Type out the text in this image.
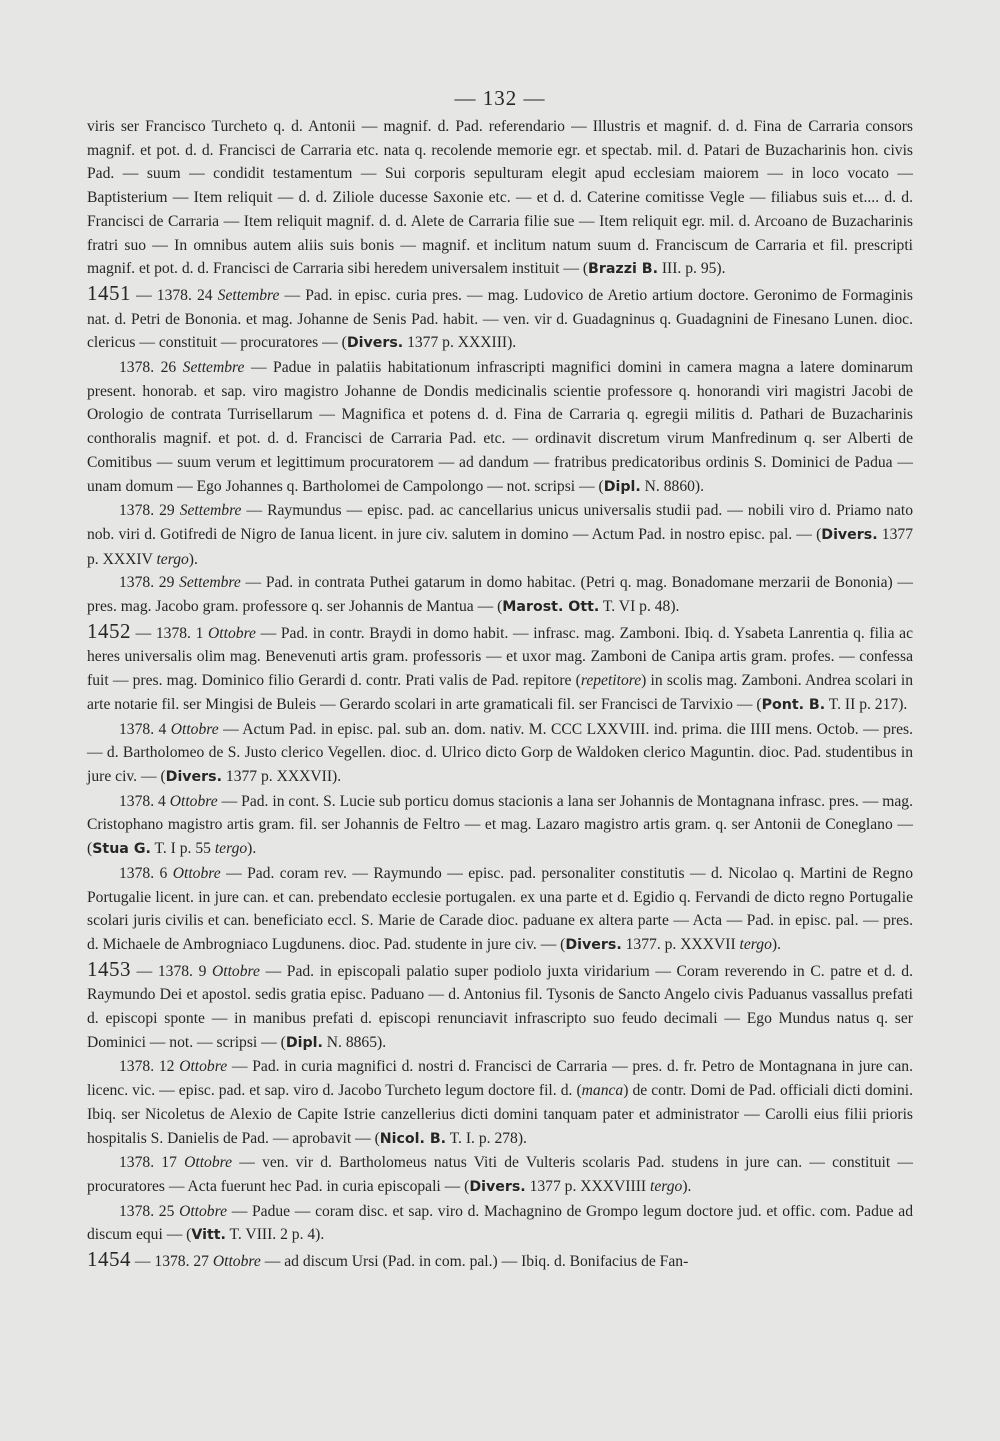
— 132 —

viris ser Francisco Turcheto q. d. Antonii — magnif. d. Pad. referendario — Illustris et magnif. d. d. Fina de Carraria consors magnif. et pot. d. d. Francisci de Carraria etc. nata q. recolende memorie egr. et spectab. mil. d. Patari de Buzacharinis hon. civis Pad. — suum — condidit testamentum — Sui corporis sepulturam elegit apud ecclesiam maiorem — in loco vocato — Baptisterium — Item reliquit — d. d. Ziliole ducesse Saxonie etc. — et d. d. Caterine comitisse Vegle — filiabus suis et.... d. d. Francisci de Carraria — Item reliquit magnif. d. d. Alete de Carraria filie sue — Item reliquit egr. mil. d. Arcoano de Buzacharinis fratri suo — In omnibus autem aliis suis bonis — magnif. et inclitum natum suum d. Franciscum de Carraria et fil. prescripti magnif. et pot. d. d. Francisci de Carraria sibi heredem universalem instituit — (Brazzi B. III. p. 95).

1451 — 1378. 24 Settembre — Pad. in episc. curia pres. — mag. Ludovico de Aretio artium doctore. Geronimo de Formaginis nat. d. Petri de Bononia. et mag. Johanne de Senis Pad. habit. — ven. vir d. Guadagninus q. Guadagnini de Finesano Lunen. dioc. clericus — constituit — procuratores — (Divers. 1377 p. XXXIII).

1378. 26 Settembre — Padue in palatiis habitationum infrascripti magnifici domini in camera magna a latere dominarum present. honorab. et sap. viro magistro Johanne de Dondis medicinalis scientie professore q. honorandi viri magistri Jacobi de Orologio de contrata Turrisellarum — Magnifica et potens d. d. Fina de Carraria q. egregii militis d. Pathari de Buzacharinis conthoralis magnif. et pot. d. d. Francisci de Carraria Pad. etc. — ordinavit discretum virum Manfredinum q. ser Alberti de Comitibus — suum verum et legittimum procuratorem — ad dandum — fratribus predicatoribus ordinis S. Dominici de Padua — unam domum — Ego Johannes q. Bartholomei de Campolongo — not. scripsi — (Dipl. N. 8860).

1378. 29 Settembre — Raymundus — episc. pad. ac cancellarius unicus universalis studii pad. — nobili viro d. Priamo nato nob. viri d. Gotifredi de Nigro de Ianua licent. in jure civ. salutem in domino — Actum Pad. in nostro episc. pal. — (Divers. 1377 p. XXXIV tergo).

1378. 29 Settembre — Pad. in contrata Puthei gatarum in domo habitac. (Petri q. mag. Bonadomane merzarii de Bononia) — pres. mag. Jacobo gram. professore q. ser Johannis de Mantua — (Marost. Ott. T. VI p. 48).

1452 — 1378. 1 Ottobre — Pad. in contr. Braydi in domo habit. — infrasc. mag. Zamboni. Ibiq. d. Ysabeta Lanrentia q. filia ac heres universalis olim mag. Benevenuti artis gram. professoris — et uxor mag. Zamboni de Canipa artis gram. profes. — confessa fuit — pres. mag. Dominico filio Gerardi d. contr. Prati valis de Pad. repitore (repetitore) in scolis mag. Zamboni. Andrea scolari in arte notarie fil. ser Mingisi de Buleis — Gerardo scolari in arte gramaticali fil. ser Francisci de Tarvixio — (Pont. B. T. II p. 217).

1378. 4 Ottobre — Actum Pad. in episc. pal. sub an. dom. nativ. M. CCC LXXVIII. ind. prima. die IIII mens. Octob. — pres. — d. Bartholomeo de S. Justo clerico Vegellen. dioc. d. Ulrico dicto Gorp de Waldoken clerico Maguntin. dioc. Pad. studentibus in jure civ. — (Divers. 1377 p. XXXVII).

1378. 4 Ottobre — Pad. in cont. S. Lucie sub porticu domus stacionis a lana ser Johannis de Montagnana infrasc. pres. — mag. Cristophano magistro artis gram. fil. ser Johannis de Feltro — et mag. Lazaro magistro artis gram. q. ser Antonii de Coneglano — (Stua G. T. I p. 55 tergo).

1378. 6 Ottobre — Pad. coram rev. — Raymundo — episc. pad. personaliter constitutis — d. Nicolao q. Martini de Regno Portugalie licent. in jure can. et can. prebendato ecclesie portugalen. ex una parte et d. Egidio q. Fervandi de dicto regno Portugalie scolari juris civilis et can. beneficiato eccl. S. Marie de Carade dioc. paduane ex altera parte — Acta — Pad. in episc. pal. — pres. d. Michaele de Ambrogniaco Lugdunens. dioc. Pad. studente in jure civ. — (Divers. 1377. p. XXXVII tergo).

1453 — 1378. 9 Ottobre — Pad. in episcopali palatio super podiolo juxta viridarium — Coram reverendo in C. patre et d. d. Raymundo Dei et apostol. sedis gratia episc. Paduano — d. Antonius fil. Tysonis de Sancto Angelo civis Paduanus vassallus prefati d. episcopi sponte — in manibus prefati d. episcopi renunciavit infrascripto suo feudo decimali — Ego Mundus natus q. ser Dominici — not. — scripsi — (Dipl. N. 8865).

1378. 12 Ottobre — Pad. in curia magnifici d. nostri d. Francisci de Carraria — pres. d. fr. Petro de Montagnana in jure can. licenc. vic. — episc. pad. et sap. viro d. Jacobo Turcheto legum doctore fil. d. (manca) de contr. Domi de Pad. officiali dicti domini. Ibiq. ser Nicoletus de Alexio de Capite Istrie canzellerius dicti domini tanquam pater et administrator — Carolli eius filii prioris hospitalis S. Danielis de Pad. — aprobavit — (Nicol. B. T. I. p. 278).

1378. 17 Ottobre — ven. vir d. Bartholomeus natus Viti de Vulteris scolaris Pad. studens in jure can. — constituit — procuratores — Acta fuerunt hec Pad. in curia episcopali — (Divers. 1377 p. XXXVIIII tergo).

1378. 25 Ottobre — Padue — coram disc. et sap. viro d. Machagnino de Grompo legum doctore jud. et offic. com. Padue ad discum equi — (Vitt. T. VIII. 2 p. 4).

1454 — 1378. 27 Ottobre — ad discum Ursi (Pad. in com. pal.) — Ibiq. d. Bonifacius de Fan-
